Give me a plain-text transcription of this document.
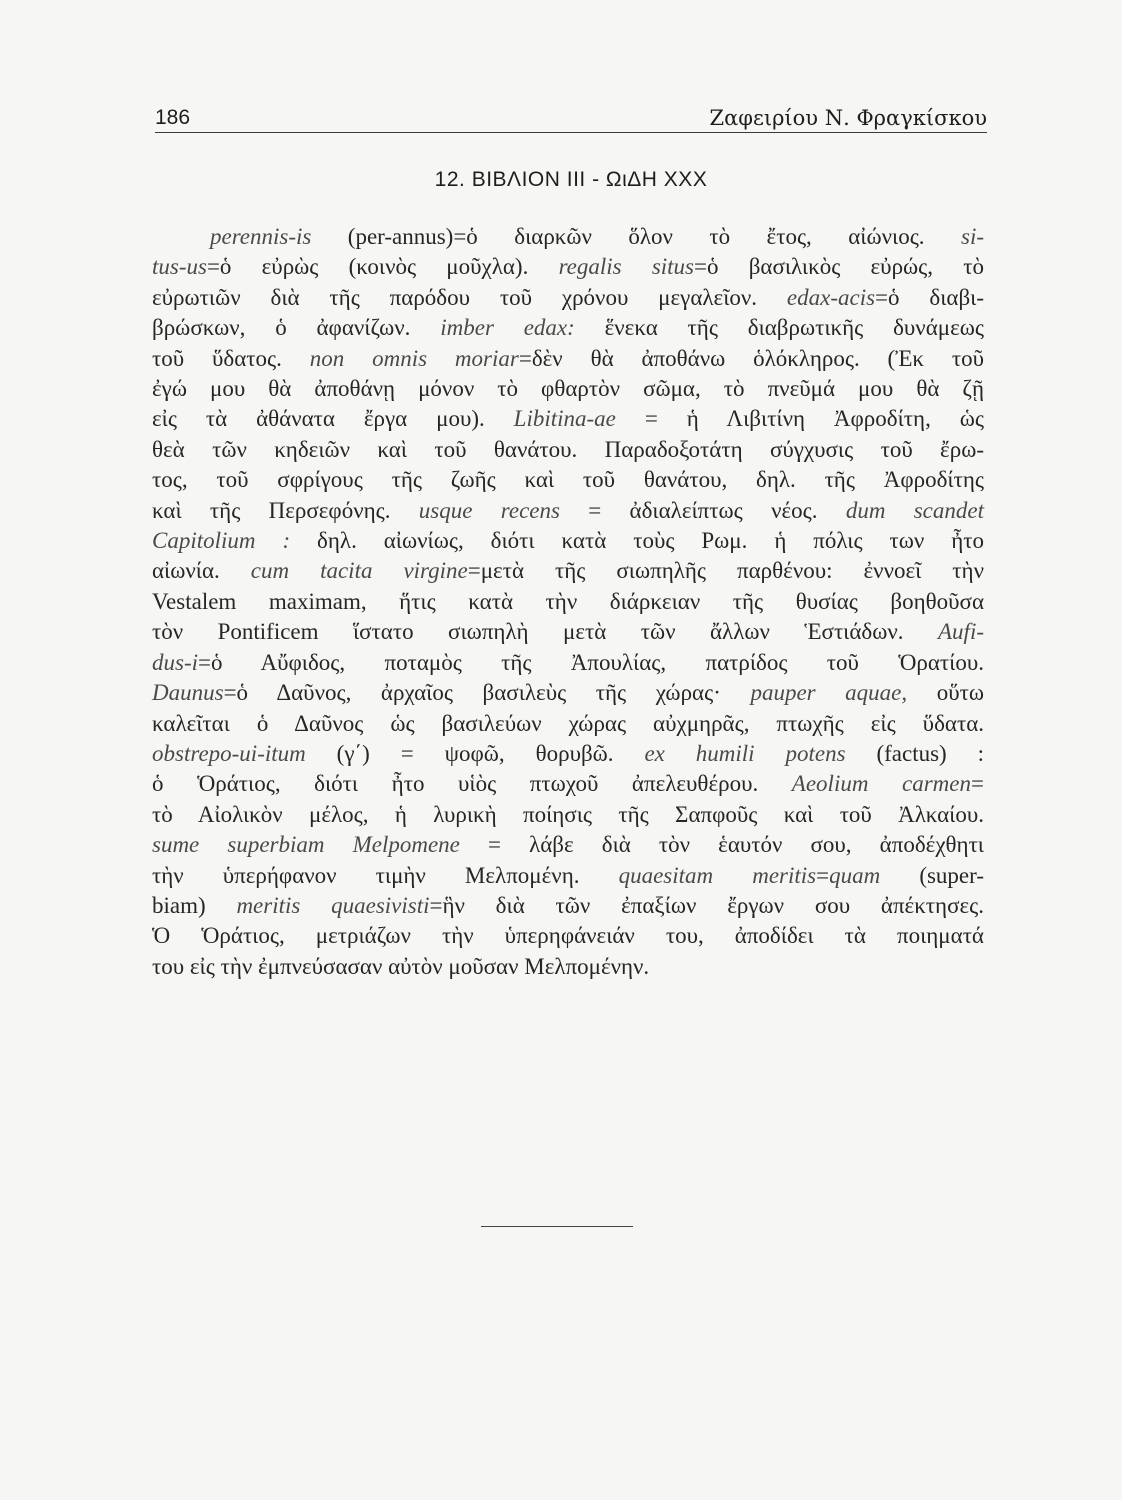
186	Ζαφειρίου Ν. Φραγκίσκου
12. ΒΙΒΛΙΟΝ III - ΩιΔΗ XXX
perennis-is (per-annus)=ὁ διαρκῶν ὅλον τὸ ἔτος, αἰώνιος. si-
tus-us=ὁ εὐρὼς (κοινὸς μοῦχλα). regalis situs=ὁ βασιλικὸς εὐρώς, τὸ
εὐρωτιῶν διὰ τῆς παρόδου τοῦ χρόνου μεγαλεῖον. edax-acis=ὁ διαβι-
βρώσκων, ὁ ἀφανίζων. imber edax: ἕνεκα τῆς διαβρωτικῆς δυνάμεως
τοῦ ὕδατος. non omnis moriar=δὲν θὰ ἀποθάνω ὁλόκληρος. (Ἐκ τοῦ
ἐγώ μου θὰ ἀποθάνῃ μόνον τὸ φθαρτὸν σῶμα, τὸ πνεῦμά μου θὰ ζῇ
εἰς τὰ ἀθάνατα ἔργα μου). Libitina-ae = ἡ Λιβιτίνη Ἀφροδίτη, ὡς
θεὰ τῶν κηδειῶν καὶ τοῦ θανάτου. Παραδοξοτάτη σύγχυσις τοῦ ἔρω-
τος, τοῦ σφρίγους τῆς ζωῆς καὶ τοῦ θανάτου, δηλ. τῆς Ἀφροδίτης
καὶ τῆς Περσεφόνης. usque recens = ἀδιαλείπτως νέος. dum scandet
Capitolium : δηλ. αἰωνίως, διότι κατὰ τοὺς Ρωμ. ἡ πόλις των ἦτο
αἰωνία. cum tacita virgine=μετὰ τῆς σιωπηλῆς παρθένου: ἐννοεῖ τὴν
Vestalem maximam, ἥτις κατὰ τὴν διάρκειαν τῆς θυσίας βοηθοῦσα
τὸν Pontificem ἵστατο σιωπηλὴ μετὰ τῶν ἄλλων Ἑστιάδων. Aufi-
dus-i=ὁ Αὔφιδος, ποταμὸς τῆς Ἀπουλίας, πατρίδος τοῦ Ὁρατίου.
Daunus=ὁ Δαῦνος, ἀρχαῖος βασιλεὺς τῆς χώρας· pauper aquae, οὕτω
καλεῖται ὁ Δαῦνος ὡς βασιλεύων χώρας αὐχμηρᾶς, πτωχῆς εἰς ὕδατα.
obstrepo-ui-itum (γ΄) = ψοφῶ, θορυβῶ. ex humili potens (factus) :
ὁ Ὁράτιος, διότι ἦτο υἱὸς πτωχοῦ ἀπελευθέρου. Aeolium carmen=
τὸ Αἰολικὸν μέλος, ἡ λυρικὴ ποίησις τῆς Σαπφοῦς καὶ τοῦ Ἀλκαίου.
sume superbiam Melpomene = λάβε διὰ τὸν ἑαυτόν σου, ἀποδέχθητι
τὴν ὑπερήφανον τιμὴν Μελπομένη. quaesitam meritis=quam (super-
biam) meritis quaesivisti=ἣν διὰ τῶν ἐπαξίων ἔργων σου ἀπέκτησες.
Ὁ Ὁράτιος, μετριάζων τὴν ὑπερηφάνειάν του, ἀποδίδει τὰ ποιηματά
του εἰς τὴν ἐμπνεύσασαν αὐτὸν μοῦσαν Μελπομένην.
